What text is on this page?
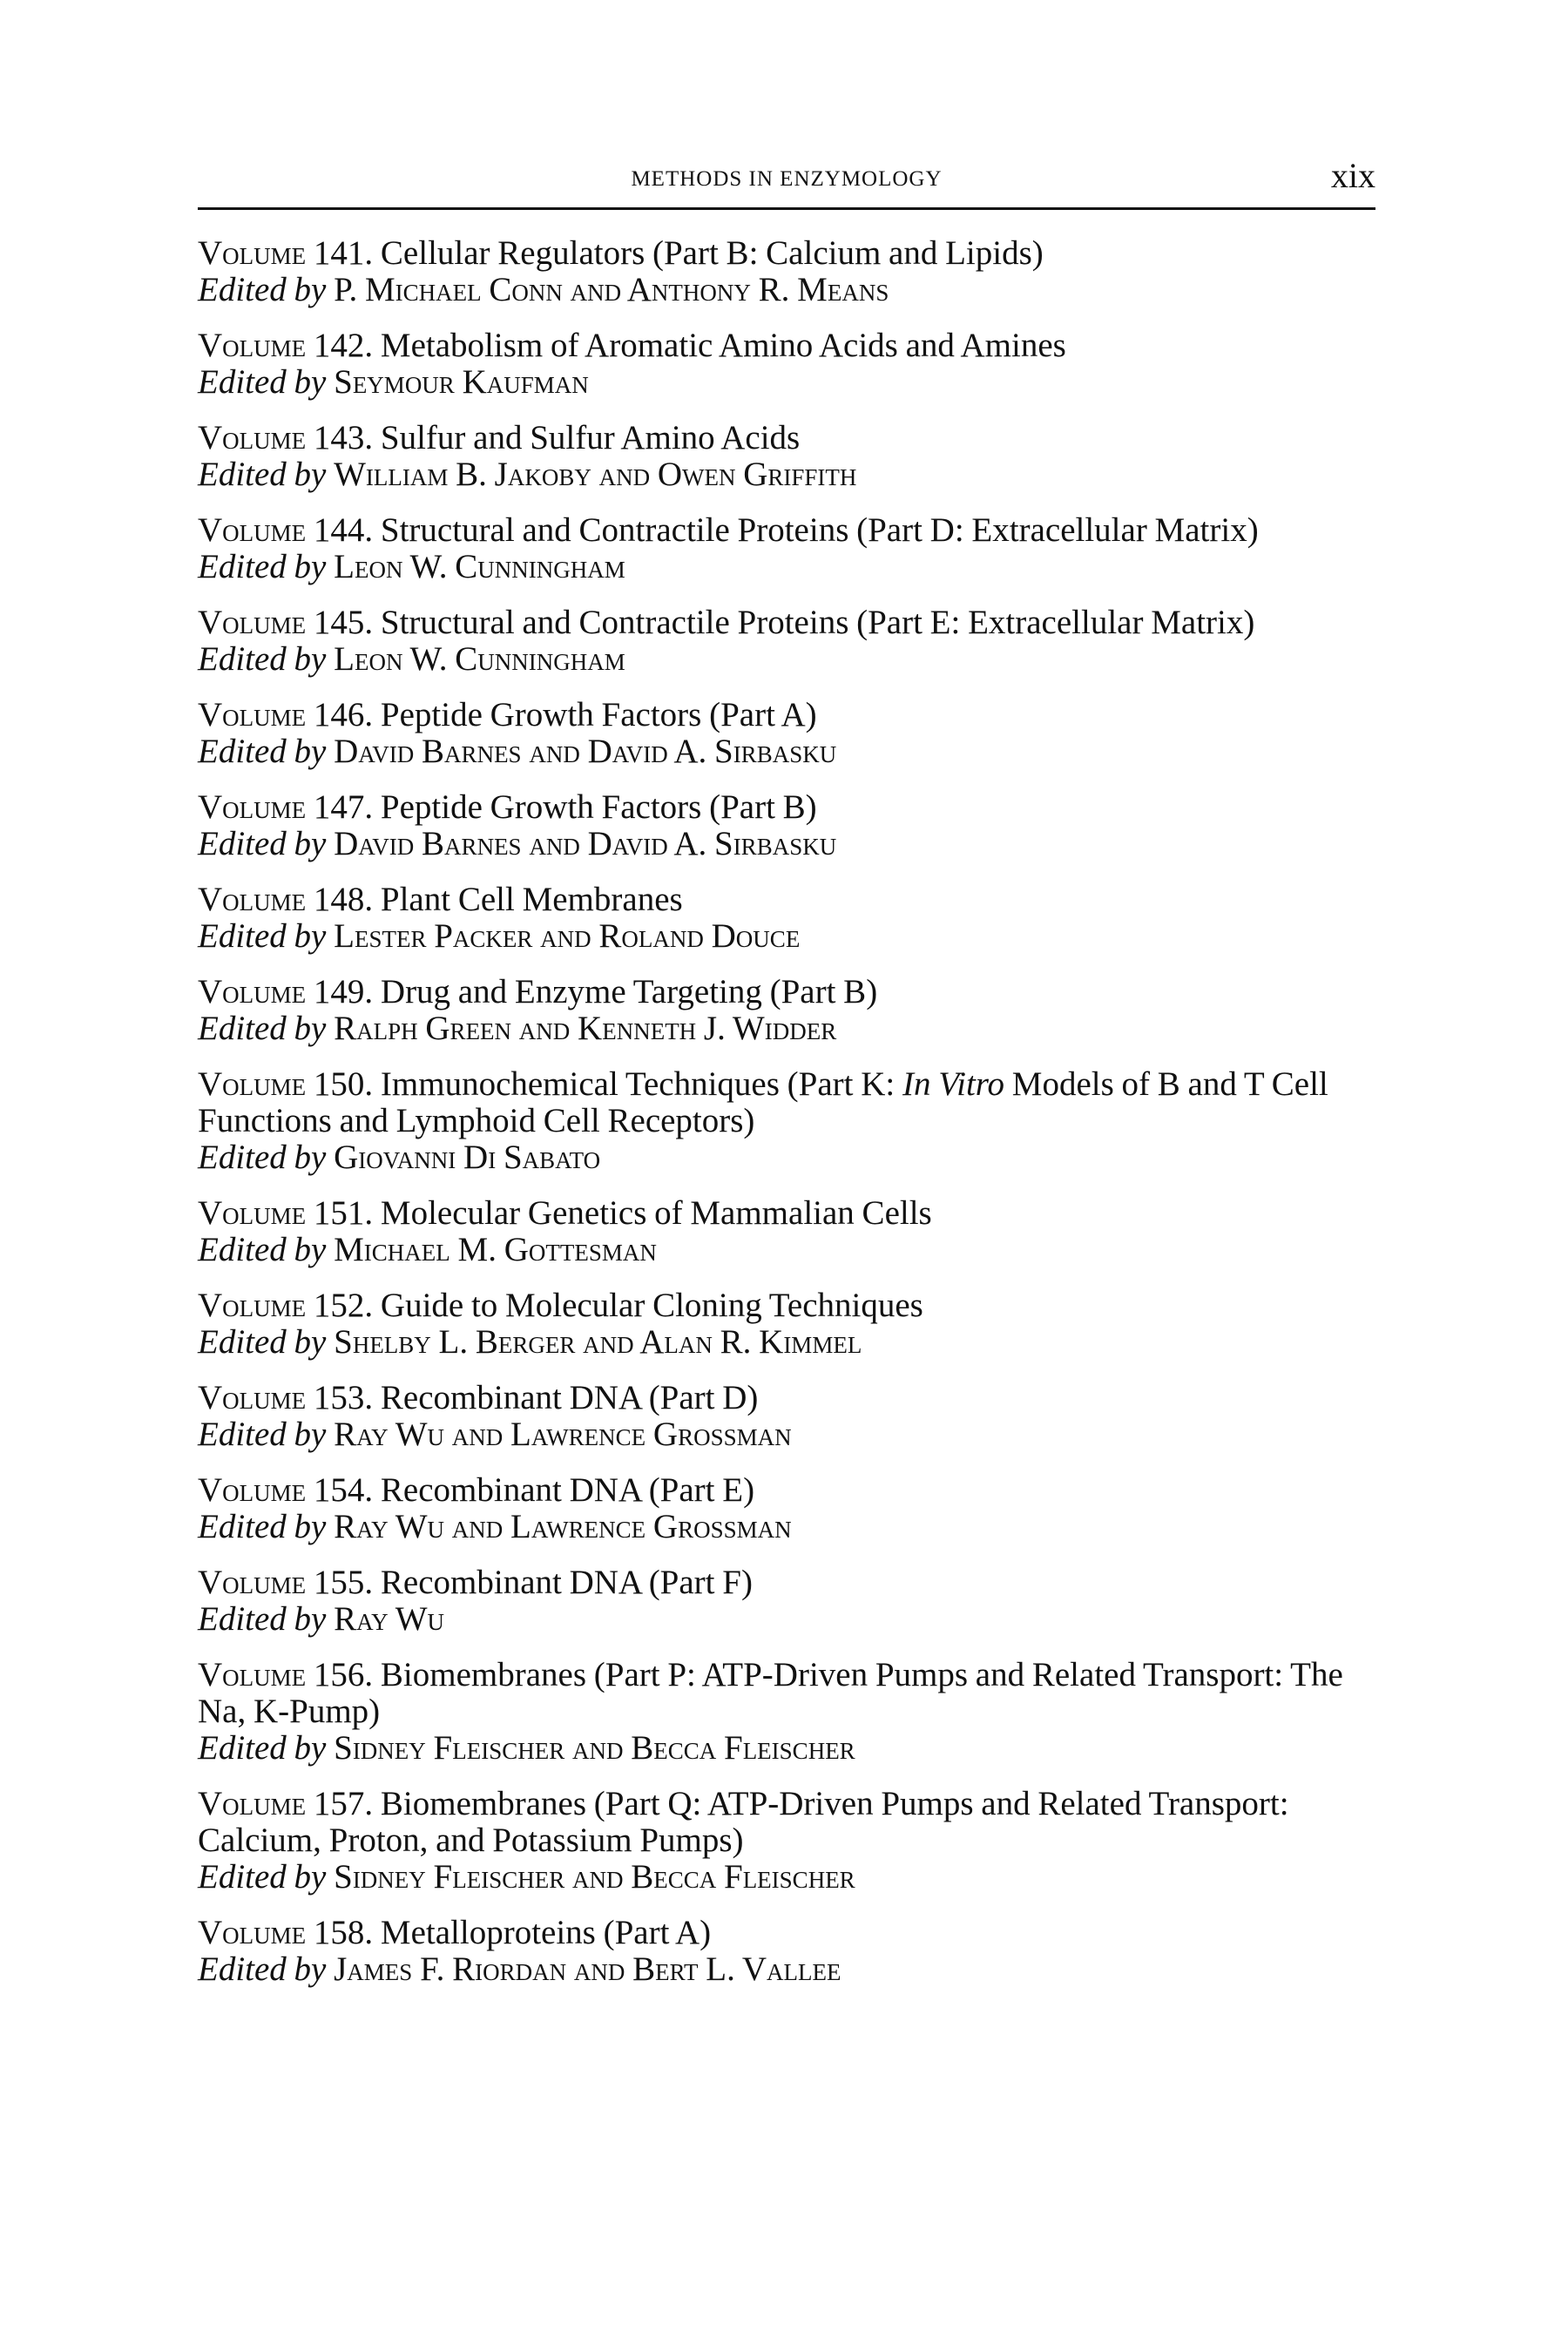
METHODS IN ENZYMOLOGY	xix
Volume 141. Cellular Regulators (Part B: Calcium and Lipids)
Edited by P. Michael Conn and Anthony R. Means
Volume 142. Metabolism of Aromatic Amino Acids and Amines
Edited by Seymour Kaufman
Volume 143. Sulfur and Sulfur Amino Acids
Edited by William B. Jakoby and Owen Griffith
Volume 144. Structural and Contractile Proteins (Part D: Extracellular Matrix)
Edited by Leon W. Cunningham
Volume 145. Structural and Contractile Proteins (Part E: Extracellular Matrix)
Edited by Leon W. Cunningham
Volume 146. Peptide Growth Factors (Part A)
Edited by David Barnes and David A. Sirbasku
Volume 147. Peptide Growth Factors (Part B)
Edited by David Barnes and David A. Sirbasku
Volume 148. Plant Cell Membranes
Edited by Lester Packer and Roland Douce
Volume 149. Drug and Enzyme Targeting (Part B)
Edited by Ralph Green and Kenneth J. Widder
Volume 150. Immunochemical Techniques (Part K: In Vitro Models of B and T Cell Functions and Lymphoid Cell Receptors)
Edited by Giovanni Di Sabato
Volume 151. Molecular Genetics of Mammalian Cells
Edited by Michael M. Gottesman
Volume 152. Guide to Molecular Cloning Techniques
Edited by Shelby L. Berger and Alan R. Kimmel
Volume 153. Recombinant DNA (Part D)
Edited by Ray Wu and Lawrence Grossman
Volume 154. Recombinant DNA (Part E)
Edited by Ray Wu and Lawrence Grossman
Volume 155. Recombinant DNA (Part F)
Edited by Ray Wu
Volume 156. Biomembranes (Part P: ATP-Driven Pumps and Related Transport: The Na, K-Pump)
Edited by Sidney Fleischer and Becca Fleischer
Volume 157. Biomembranes (Part Q: ATP-Driven Pumps and Related Transport: Calcium, Proton, and Potassium Pumps)
Edited by Sidney Fleischer and Becca Fleischer
Volume 158. Metalloproteins (Part A)
Edited by James F. Riordan and Bert L. Vallee
